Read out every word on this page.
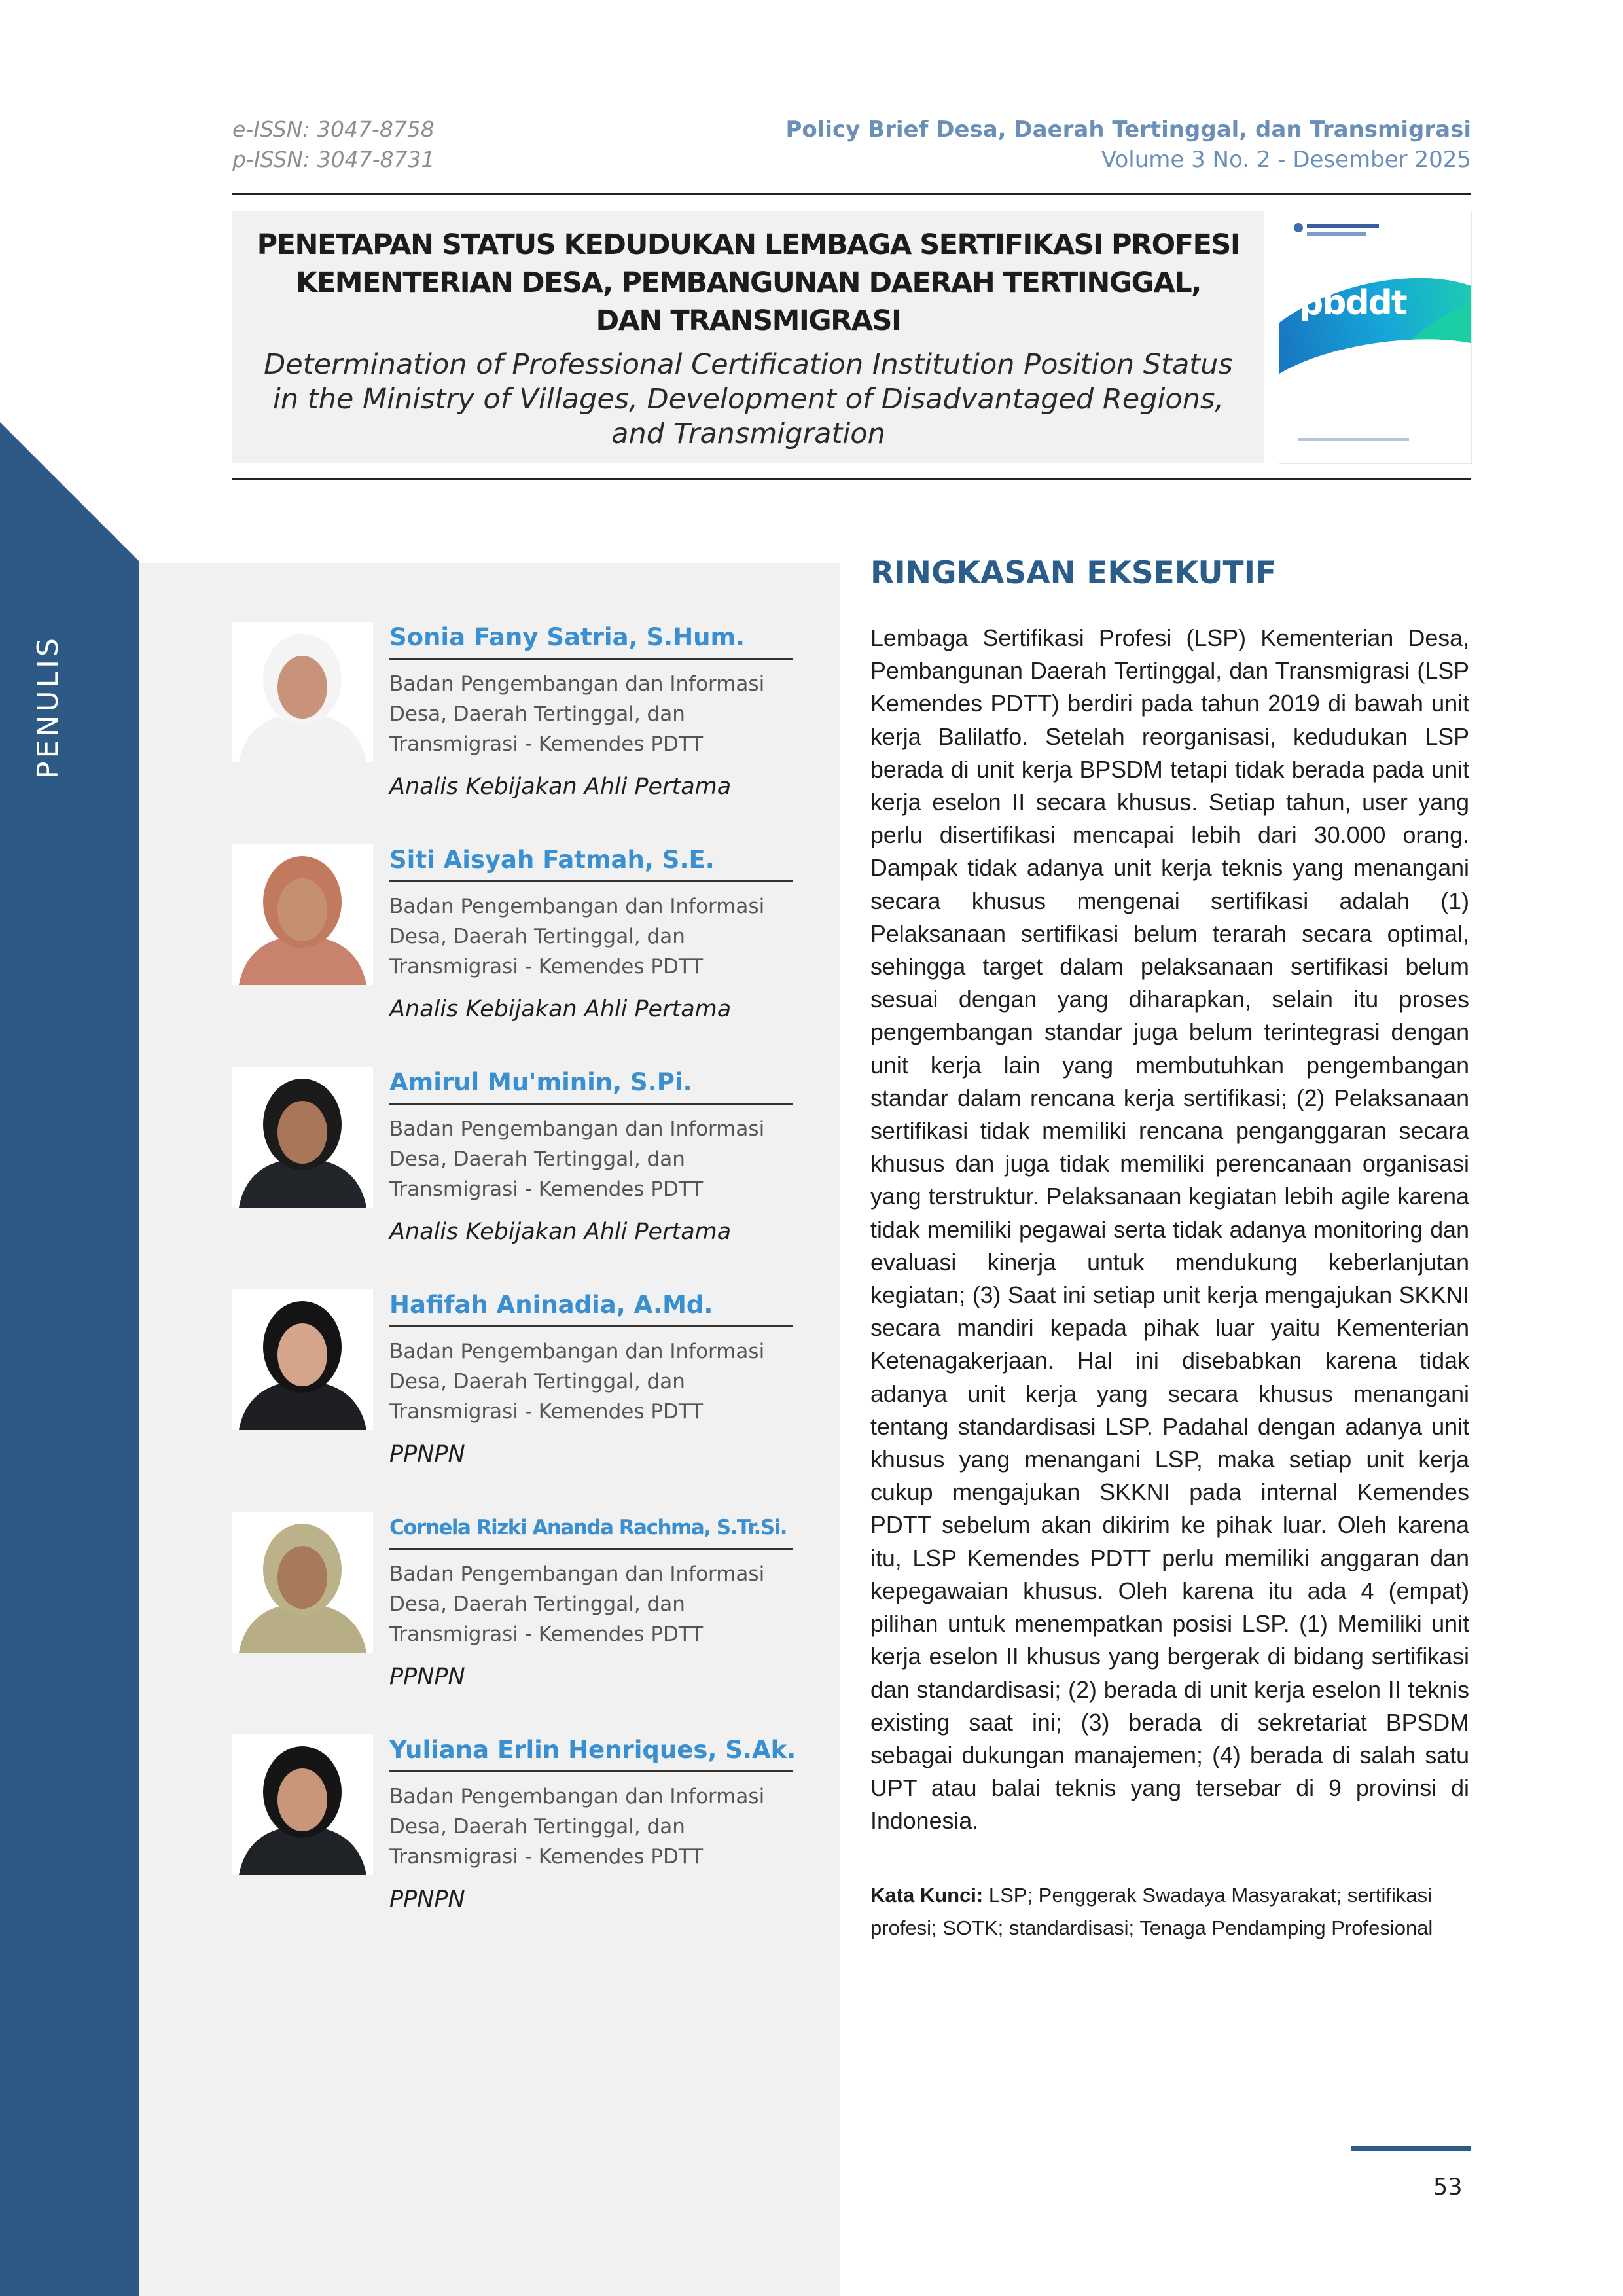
PENULIS
e-ISSN: 3047-8758
p-ISSN: 3047-8731
Policy Brief Desa, Daerah Tertinggal, dan Transmigrasi
Volume 3 No. 2 - Desember 2025
PENETAPAN STATUS KEDUDUKAN LEMBAGA SERTIFIKASI PROFESI
KEMENTERIAN DESA, PEMBANGUNAN DAERAH TERTINGGAL,
DAN TRANSMIGRASI
Determination of Professional Certification Institution Position Status
in the Ministry of Villages, Development of Disadvantaged Regions,
and Transmigration
pbddt
Sonia Fany Satria, S.Hum.
Badan Pengembangan dan Informasi
Desa, Daerah Tertinggal, dan
Transmigrasi - Kemendes PDTT
Analis Kebijakan Ahli Pertama
Siti Aisyah Fatmah, S.E.
Badan Pengembangan dan Informasi
Desa, Daerah Tertinggal, dan
Transmigrasi - Kemendes PDTT
Analis Kebijakan Ahli Pertama
Amirul Mu'minin, S.Pi.
Badan Pengembangan dan Informasi
Desa, Daerah Tertinggal, dan
Transmigrasi - Kemendes PDTT
Analis Kebijakan Ahli Pertama
Hafifah Aninadia, A.Md.
Badan Pengembangan dan Informasi
Desa, Daerah Tertinggal, dan
Transmigrasi - Kemendes PDTT
PPNPN
Cornela Rizki Ananda Rachma, S.Tr.Si.
Badan Pengembangan dan Informasi
Desa, Daerah Tertinggal, dan
Transmigrasi - Kemendes PDTT
PPNPN
Yuliana Erlin Henriques, S.Ak.
Badan Pengembangan dan Informasi
Desa, Daerah Tertinggal, dan
Transmigrasi - Kemendes PDTT
PPNPN
RINGKASAN EKSEKUTIF
Lembaga Sertifikasi Profesi (LSP) Kementerian Desa, Pembangunan Daerah Tertinggal, dan Transmigrasi (LSP Kemendes PDTT) berdiri pada tahun 2019 di bawah unit kerja Balilatfo. Setelah reorganisasi, kedudukan LSP berada di unit kerja BPSDM tetapi tidak berada pada unit kerja eselon II secara khusus. Setiap tahun, user yang perlu disertifikasi mencapai lebih dari 30.000 orang. Dampak tidak adanya unit kerja teknis yang menangani secara khusus mengenai sertifikasi adalah (1) Pelaksanaan sertifikasi belum terarah secara optimal, sehingga target dalam pelaksanaan sertifikasi belum sesuai dengan yang diharapkan, selain itu proses pengembangan standar juga belum terintegrasi dengan unit kerja lain yang membutuhkan pengembangan standar dalam rencana kerja sertifikasi; (2) Pelaksanaan sertifikasi tidak memiliki rencana penganggaran secara khusus dan juga tidak memiliki perencanaan organisasi yang terstruktur. Pelaksanaan kegiatan lebih agile karena tidak memiliki pegawai serta tidak adanya monitoring dan evaluasi kinerja untuk mendukung keberlanjutan kegiatan; (3) Saat ini setiap unit kerja mengajukan SKKNI secara mandiri kepada pihak luar yaitu Kementerian Ketenagakerjaan. Hal ini disebabkan karena tidak adanya unit kerja yang secara khusus menangani tentang standardisasi LSP. Padahal dengan adanya unit khusus yang menangani LSP, maka setiap unit kerja cukup mengajukan SKKNI pada internal Kemendes PDTT sebelum akan dikirim ke pihak luar. Oleh karena itu, LSP Kemendes PDTT perlu memiliki anggaran dan kepegawaian khusus. Oleh karena itu ada 4 (empat) pilihan untuk menempatkan posisi LSP. (1) Memiliki unit kerja eselon II khusus yang bergerak di bidang sertifikasi dan standardisasi; (2) berada di unit kerja eselon II teknis existing saat ini; (3) berada di sekretariat BPSDM sebagai dukungan manajemen; (4) berada di salah satu UPT atau balai teknis yang tersebar di 9 provinsi di Indonesia.
Kata Kunci: LSP; Penggerak Swadaya Masyarakat; sertifikasi profesi; SOTK; standardisasi; Tenaga Pendamping Profesional
53
